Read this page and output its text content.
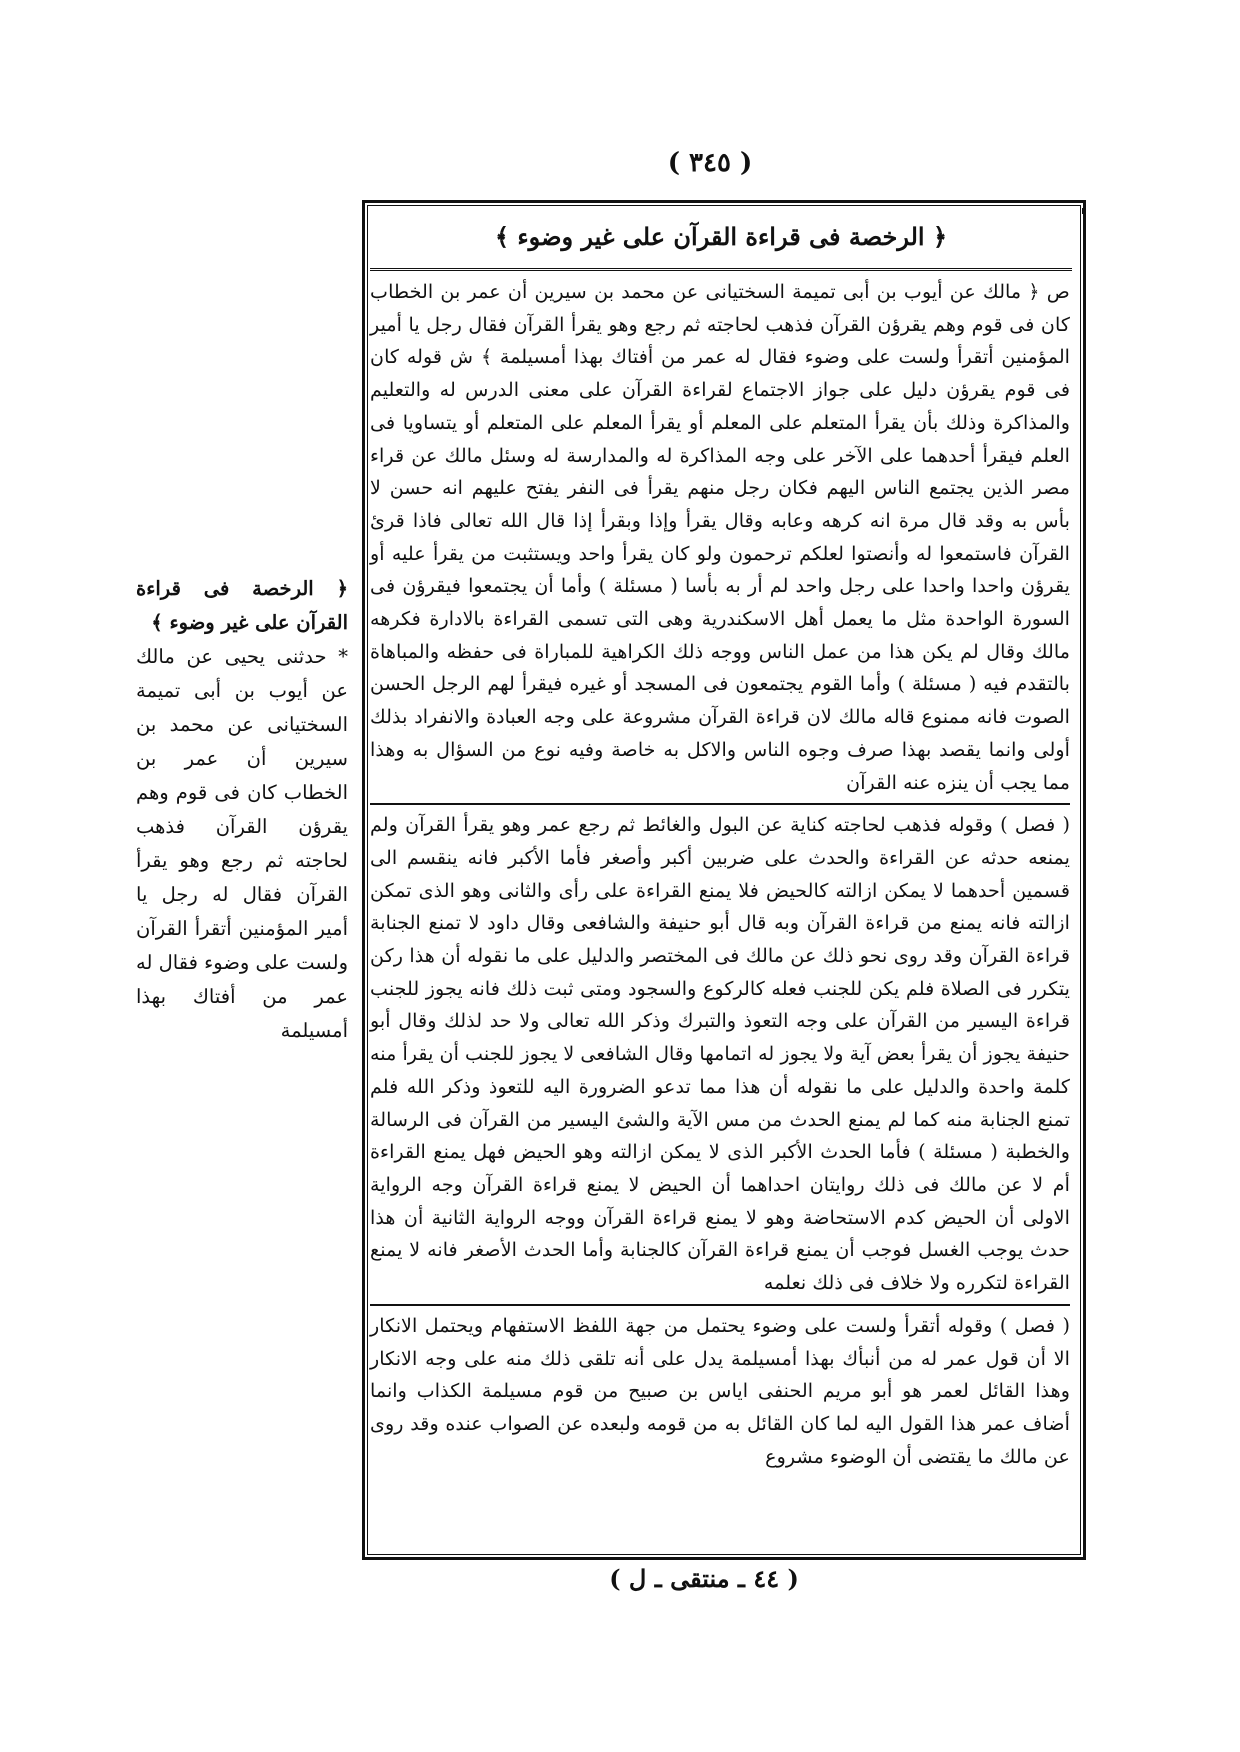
( ٣٤٥ )
﴿ الرخصة فى قراءة القرآن على غير وضوء ﴾

ص ﴿ مالك عن أيوب بن أبى تميمة السختيانى عن محمد بن سيرين أن عمر بن الخطاب كان فى قوم وهم يقرؤن القرآن فذهب لحاجته ثم رجع وهو يقرأ القرآن فقال رجل يا أمير المؤمنين أتقرأ ولست على وضوء فقال له عمر من أفتاك بهذا أمسيلمة ﴾ ش قوله كان فى قوم يقرؤن دليل على جواز الاجتماع لقراءة القرآن على معنى الدرس له والتعليم والمذاكرة وذلك بأن يقرأ المتعلم على المعلم أو يقرأ المعلم على المتعلم أو يتساويا فى العلم فيقرأ أحدهما على الآخر على وجه المذاكرة له والمدارسة له وسئل مالك عن قراء مصر الذين يجتمع الناس اليهم فكان رجل منهم يقرأ فى النفر يفتح عليهم انه حسن لا بأس به وقد قال مرة انه كرهه وعابه وقال يقرأ وإذا وبقرأ إذا قال الله تعالى فاذا قرئ القرآن فاستمعوا له وأنصتوا لعلكم ترحمون ولو كان يقرأ واحد ويستثبت من يقرأ عليه أو يقرؤن واحدا واحدا على رجل واحد لم أر به بأسا ( مسئلة ) وأما أن يجتمعوا فيقرؤن فى السورة الواحدة مثل ما يعمل أهل الاسكندرية وهى التى تسمى القراءة بالادارة فكرهه مالك وقال لم يكن هذا من عمل الناس ووجه ذلك الكراهية للمباراة فى حفظه والمباهاة بالتقدم فيه ( مسئلة ) وأما القوم يجتمعون فى المسجد أو غيره فيقرأ لهم الرجل الحسن الصوت فانه ممنوع قاله مالك لان قراءة القرآن مشروعة على وجه العبادة والانفراد بذلك أولى وانما يقصد بهذا صرف وجوه الناس والاكل به خاصة وفيه نوع من السؤال به وهذا مما يجب أن ينزه عنه القرآن

( فصل ) وقوله فذهب لحاجته كناية عن البول والغائط ثم رجع عمر وهو يقرأ القرآن ولم يمنعه حدثه عن القراءة والحدث على ضربين أكبر وأصغر فأما الأكبر فانه ينقسم الى قسمين أحدهما لا يمكن ازالته كالحيض فلا يمنع القراءة على رأى والثانى وهو الذى تمكن ازالته فانه يمنع من قراءة القرآن وبه قال أبو حنيفة والشافعى وقال داود لا تمنع الجنابة قراءة القرآن وقد روى نحو ذلك عن مالك فى المختصر والدليل على ما نقوله أن هذا ركن يتكرر فى الصلاة فلم يكن للجنب فعله كالركوع والسجود ومتى ثبت ذلك فانه يجوز للجنب قراءة اليسير من القرآن على وجه التعوذ والتبرك وذكر الله تعالى ولا حد لذلك وقال أبو حنيفة يجوز أن يقرأ بعض آية ولا يجوز له اتمامها وقال الشافعى لا يجوز للجنب أن يقرأ منه كلمة واحدة والدليل على ما نقوله أن هذا مما تدعو الضرورة اليه للتعوذ وذكر الله فلم تمنع الجنابة منه كما لم يمنع الحدث من مس الآية والشئ اليسير من القرآن فى الرسالة والخطبة ( مسئلة ) فأما الحدث الأكبر الذى لا يمكن ازالته وهو الحيض فهل يمنع القراءة أم لا عن مالك فى ذلك روايتان احداهما أن الحيض لا يمنع قراءة القرآن وجه الرواية الاولى أن الحيض كدم الاستحاضة وهو لا يمنع قراءة القرآن ووجه الرواية الثانية أن هذا حدث يوجب الغسل فوجب أن يمنع قراءة القرآن كالجنابة وأما الحدث الأصغر فانه لا يمنع القراءة لتكرره ولا خلاف فى ذلك نعلمه

( فصل ) وقوله أتقرأ ولست على وضوء يحتمل من جهة اللفظ الاستفهام ويحتمل الانكار الا أن قول عمر له من أنبأك بهذا أمسيلمة يدل على أنه تلقى ذلك منه على وجه الانكار وهذا القائل لعمر هو أبو مريم الحنفى اياس بن صبيح من قوم مسيلمة الكذاب وانما أضاف عمر هذا القول اليه لما كان القائل به من قومه ولبعده عن الصواب عنده وقد روى عن مالك ما يقتضى أن الوضوء مشروع

﴿ الرخصة فى قراءة القرآن على غير وضوء ﴾

* حدثنى يحيى عن مالك عن أيوب بن أبى تميمة السختيانى عن محمد بن سيرين أن عمر بن الخطاب كان فى قوم وهم يقرؤن القرآن فذهب لحاجته ثم رجع وهو يقرأ القرآن فقال له رجل يا أمير المؤمنين أتقرأ القرآن ولست على وضوء فقال له عمر من أفتاك بهذا أمسيلمة

( ٤٤ ـ منتقى ـ ل )
